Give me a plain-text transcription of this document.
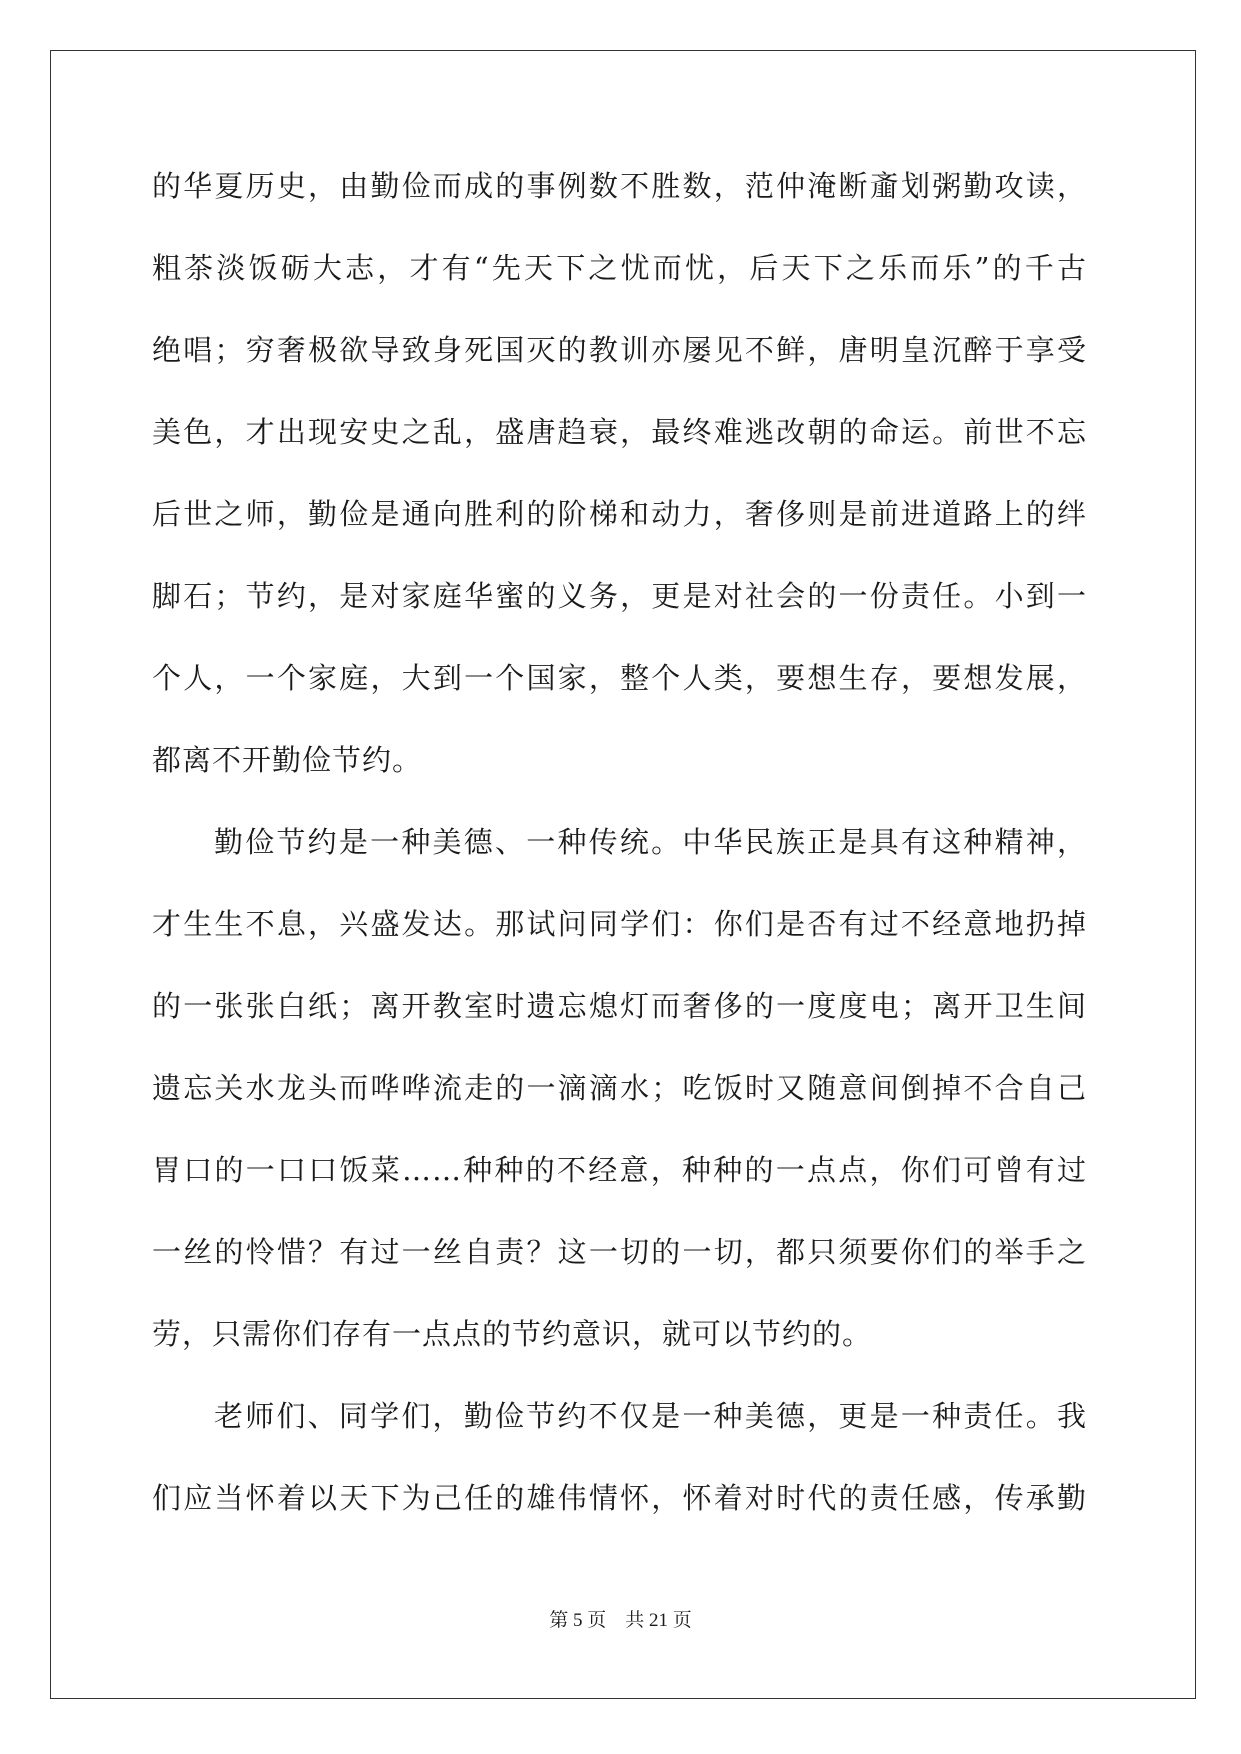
的华夏历史，由勤俭而成的事例数不胜数，范仲淹断齑划粥勤攻读，
粗茶淡饭砺大志，才有“先天下之忧而忧，后天下之乐而乐”的千古
绝唱；穷奢极欲导致身死国灭的教训亦屡见不鲜，唐明皇沉醉于享受
美色，才出现安史之乱，盛唐趋衰，最终难逃改朝的命运。前世不忘
后世之师，勤俭是通向胜利的阶梯和动力，奢侈则是前进道路上的绊
脚石；节约，是对家庭华蜜的义务，更是对社会的一份责任。小到一
个人，一个家庭，大到一个国家，整个人类，要想生存，要想发展，
都离不开勤俭节约。
勤俭节约是一种美德、一种传统。中华民族正是具有这种精神，
才生生不息，兴盛发达。那试问同学们：你们是否有过不经意地扔掉
的一张张白纸；离开教室时遗忘熄灯而奢侈的一度度电；离开卫生间
遗忘关水龙头而哗哗流走的一滴滴水；吃饭时又随意间倒掉不合自己
胃口的一口口饭菜……种种的不经意，种种的一点点，你们可曾有过
一丝的怜惜？有过一丝自责？这一切的一切，都只须要你们的举手之
劳，只需你们存有一点点的节约意识，就可以节约的。
老师们、同学们，勤俭节约不仅是一种美德，更是一种责任。我
们应当怀着以天下为己任的雄伟情怀，怀着对时代的责任感，传承勤
第 5 页    共 21 页
